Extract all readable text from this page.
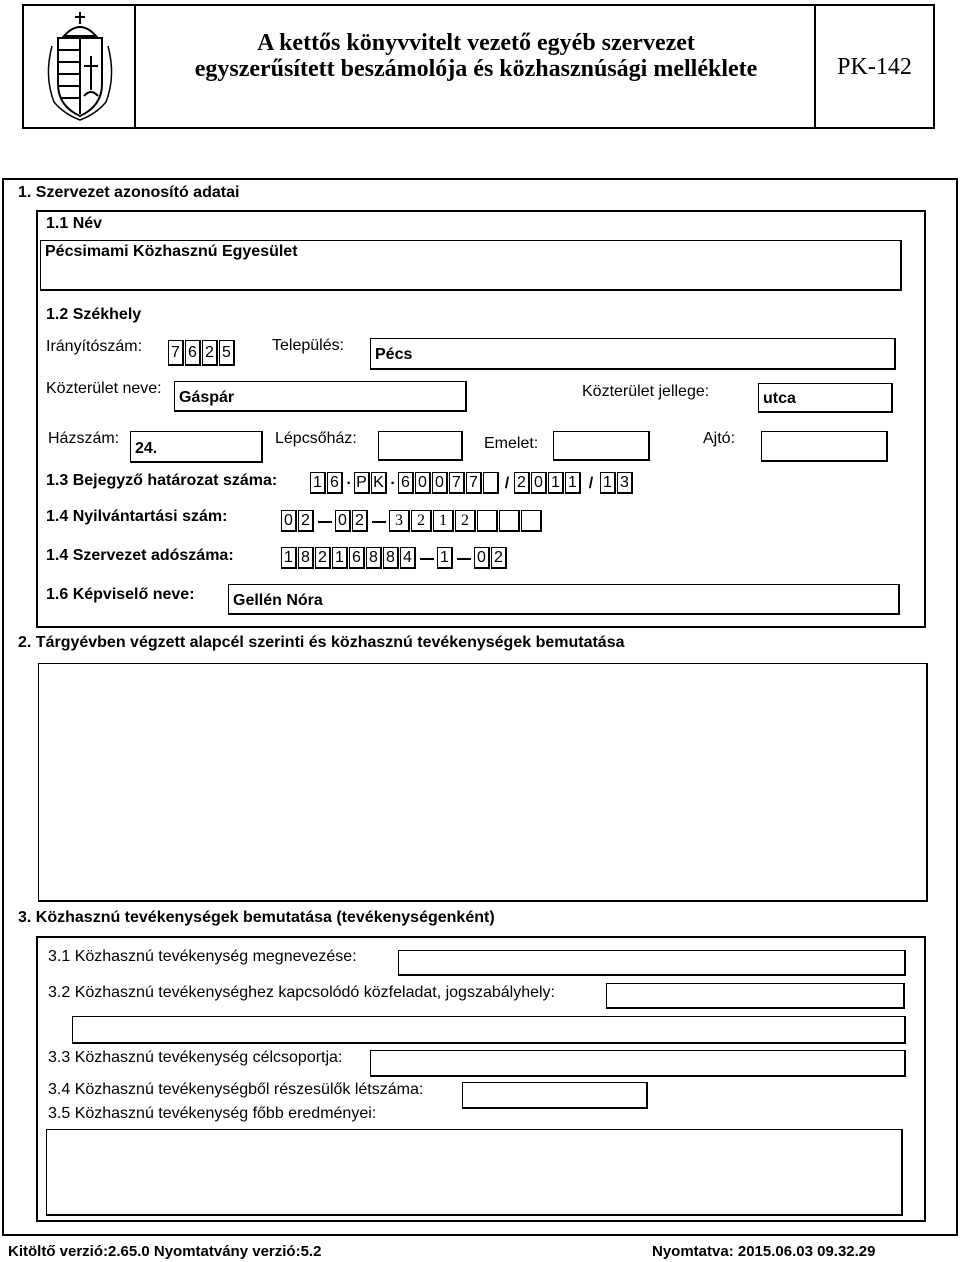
A kettős könyvvitelt vezető egyéb szervezet
egyszerűsített beszámolója és közhasznúsági melléklete	PK-142
1. Szervezet azonosító adatai
1.1 Név
Pécsimami Közhasznú Egyesület
1.2 Székhely
Irányítószám: 7 6 2 5	Település:
Pécs
Közterület neve:
Gáspár	Közterület jellege:	utca
Házszám:
24.
Lépcsőház:	Emelet:	Ajtó:
1.3 Bejegyző határozat száma: 1 6 · P K · 6 0 0 7 7 / 2 0 1 1 / 1 3
1.4 Nyilvántartási szám:	0 2 0 2	3 2 1 2
1.4 Szervezet adószáma:	1 8 2 1 6 8 8 4 1 0 2
1.6 Képviselő neve:	Gellén Nóra
2. Tárgyévben végzett alapcél szerinti és közhasznú tevékenységek bemutatása
3. Közhasznú tevékenységek bemutatása (tevékenységenként)
3.1 Közhasznú tevékenység megnevezése:
3.2 Közhasznú tevékenységhez kapcsolódó közfeladat, jogszabályhely:
3.3 Közhasznú tevékenység célcsoportja:
3.4 Közhasznú tevékenységből részesülők létszáma:
3.5 Közhasznú tevékenység főbb eredményei:
Kitöltő verzió:2.65.0 Nyomtatvány verzió:5.2	Nyomtatva: 2015.06.03 09.32.29
